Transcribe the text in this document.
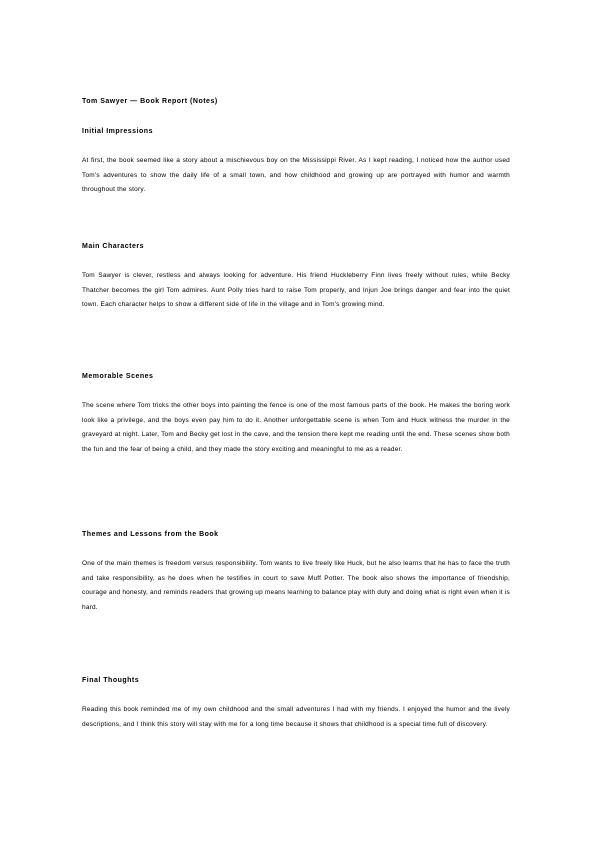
Tom Sawyer — Book Report (Notes)
Initial Impressions

At first, the book seemed like a story about a mischievous boy on the Mississippi River. As I kept reading, I noticed how the author used Tom's adventures to show the daily life of a small town, and how childhood and growing up are portrayed with humor and warmth throughout the story.

Main Characters

Tom Sawyer is clever, restless and always looking for adventure. His friend Huckleberry Finn lives freely without rules, while Becky Thatcher becomes the girl Tom admires. Aunt Polly tries hard to raise Tom properly, and Injun Joe brings danger and fear into the quiet town. Each character helps to show a different side of life in the village and in Tom's growing mind.

Memorable Scenes

The scene where Tom tricks the other boys into painting the fence is one of the most famous parts of the book. He makes the boring work look like a privilege, and the boys even pay him to do it. Another unforgettable scene is when Tom and Huck witness the murder in the graveyard at night. Later, Tom and Becky get lost in the cave, and the tension there kept me reading until the end. These scenes show both the fun and the fear of being a child, and they made the story exciting and meaningful to me as a reader.

Themes and Lessons from the Book

One of the main themes is freedom versus responsibility. Tom wants to live freely like Huck, but he also learns that he has to face the truth and take responsibility, as he does when he testifies in court to save Muff Potter. The book also shows the importance of friendship, courage and honesty, and reminds readers that growing up means learning to balance play with duty and doing what is right even when it is hard.

Final Thoughts

Reading this book reminded me of my own childhood and the small adventures I had with my friends. I enjoyed the humor and the lively descriptions, and I think this story will stay with me for a long time because it shows that childhood is a special time full of discovery.
